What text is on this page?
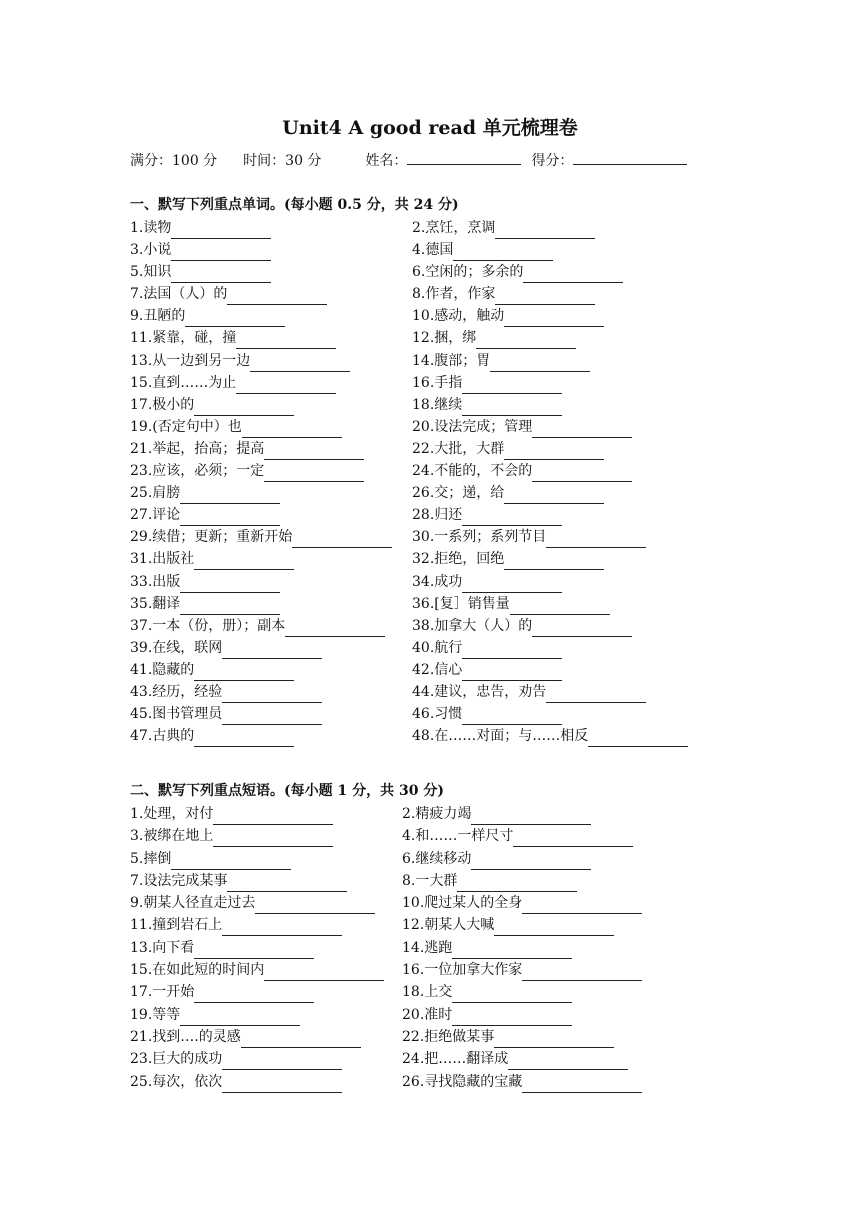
Unit4 A good read 单元梳理卷
满分：100 分 时间：30 分	姓名：	得分：
一、默写下列重点单词。(每小题 0.5 分，共 24 分)
1.读物	2.烹饪，烹调
3.小说	4.德国
5.知识	6.空闲的；多余的
7.法国（人）的	8.作者，作家
9.丑陋的	10.感动，触动
11.紧靠，碰，撞	12.捆，绑
13.从一边到另一边	14.腹部；胃
15.直到……为止	16.手指
17.极小的	18.继续
19.(否定句中）也	20.设法完成；管理
21.举起，抬高；提高	22.大批，大群
23.应该，必须；一定	24.不能的，不会的
25.肩膀	26.交；递，给
27.评论	28.归还
29.续借；更新；重新开始	30.一系列；系列节目
31.出版社	32.拒绝，回绝
33.出版	34.成功
35.翻译	36.[复］销售量
37.一本（份，册）；副本	38.加拿大（人）的
39.在线，联网	40.航行
41.隐藏的	42.信心
43.经历，经验	44.建议，忠告，劝告
45.图书管理员	46.习惯
47.古典的	48.在……对面；与……相反
二、默写下列重点短语。(每小题 1 分，共 30 分)
1.处理，对付	2.精疲力竭
3.被绑在地上	4.和……一样尺寸
5.摔倒	6.继续移动
7.设法完成某事	8.一大群
9.朝某人径直走过去	10.爬过某人的全身
11.撞到岩石上	12.朝某人大喊
13.向下看	14.逃跑
15.在如此短的时间内	16.一位加拿大作家
17.一开始	18.上交
19.等等	20.准时
21.找到….的灵感	22.拒绝做某事
23.巨大的成功	24.把……翻译成
25.每次，依次	26.寻找隐藏的宝藏
